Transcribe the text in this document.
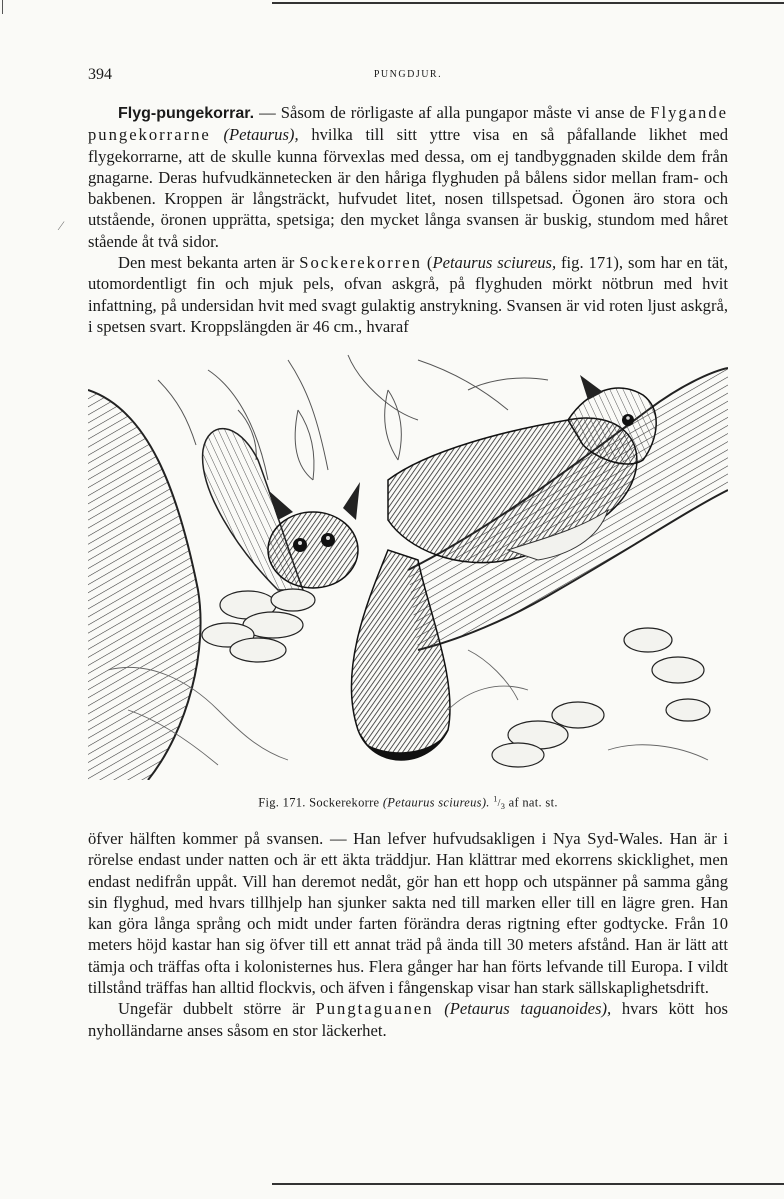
394	PUNGDJUR.
⁄

Flyg-pungekorrar. — Såsom de rörligaste af alla pungapor måste vi anse de Flygande pungekorrarne (Petaurus), hvilka till sitt yttre visa en så påfallande likhet med flygekorrarne, att de skulle kunna förvexlas med dessa, om ej tandbyggnaden skilde dem från gnagarne. Deras hufvudkännetecken är den håriga flyghuden på bålens sidor mellan fram- och bakbenen. Kroppen är långsträckt, hufvudet litet, nosen tillspetsad. Ögonen äro stora och utstående, öronen upprätta, spetsiga; den mycket långa svansen är buskig, stundom med håret stående åt två sidor.

Den mest bekanta arten är Sockerekorren (Petaurus sciureus, fig. 171), som har en tät, utomordentligt fin och mjuk pels, ofvan askgrå, på flyghuden mörkt nötbrun med hvit infattning, på undersidan hvit med svagt gulaktig anstrykning. Svansen är vid roten ljust askgrå, i spetsen svart. Kroppslängden är 46 cm., hvaraf

Fig. 171. Sockerekorre (Petaurus sciureus). $^1/_3$ af nat. st.

öfver hälften kommer på svansen. — Han lefver hufvudsakligen i Nya Syd-Wales. Han är i rörelse endast under natten och är ett äkta träddjur. Han klättrar med ekorrens skicklighet, men endast nedifrån uppåt. Vill han deremot nedåt, gör han ett hopp och utspänner på samma gång sin flyghud, med hvars tillhjelp han sjunker sakta ned till marken eller till en lägre gren. Han kan göra långa språng och midt under farten förändra deras rigtning efter godtycke. Från 10 meters höjd kastar han sig öfver till ett annat träd på ända till 30 meters afstånd. Han är lätt att tämja och träffas ofta i kolonisternes hus. Flera gånger har han förts lefvande till Europa. I vildt tillstånd träffas han alltid flockvis, och äfven i fångenskap visar han stark sällskaplighetsdrift.

Ungefär dubbelt större är Pungtaguanen (Petaurus taguanoides), hvars kött hos nyholländarne anses såsom en stor läckerhet.
